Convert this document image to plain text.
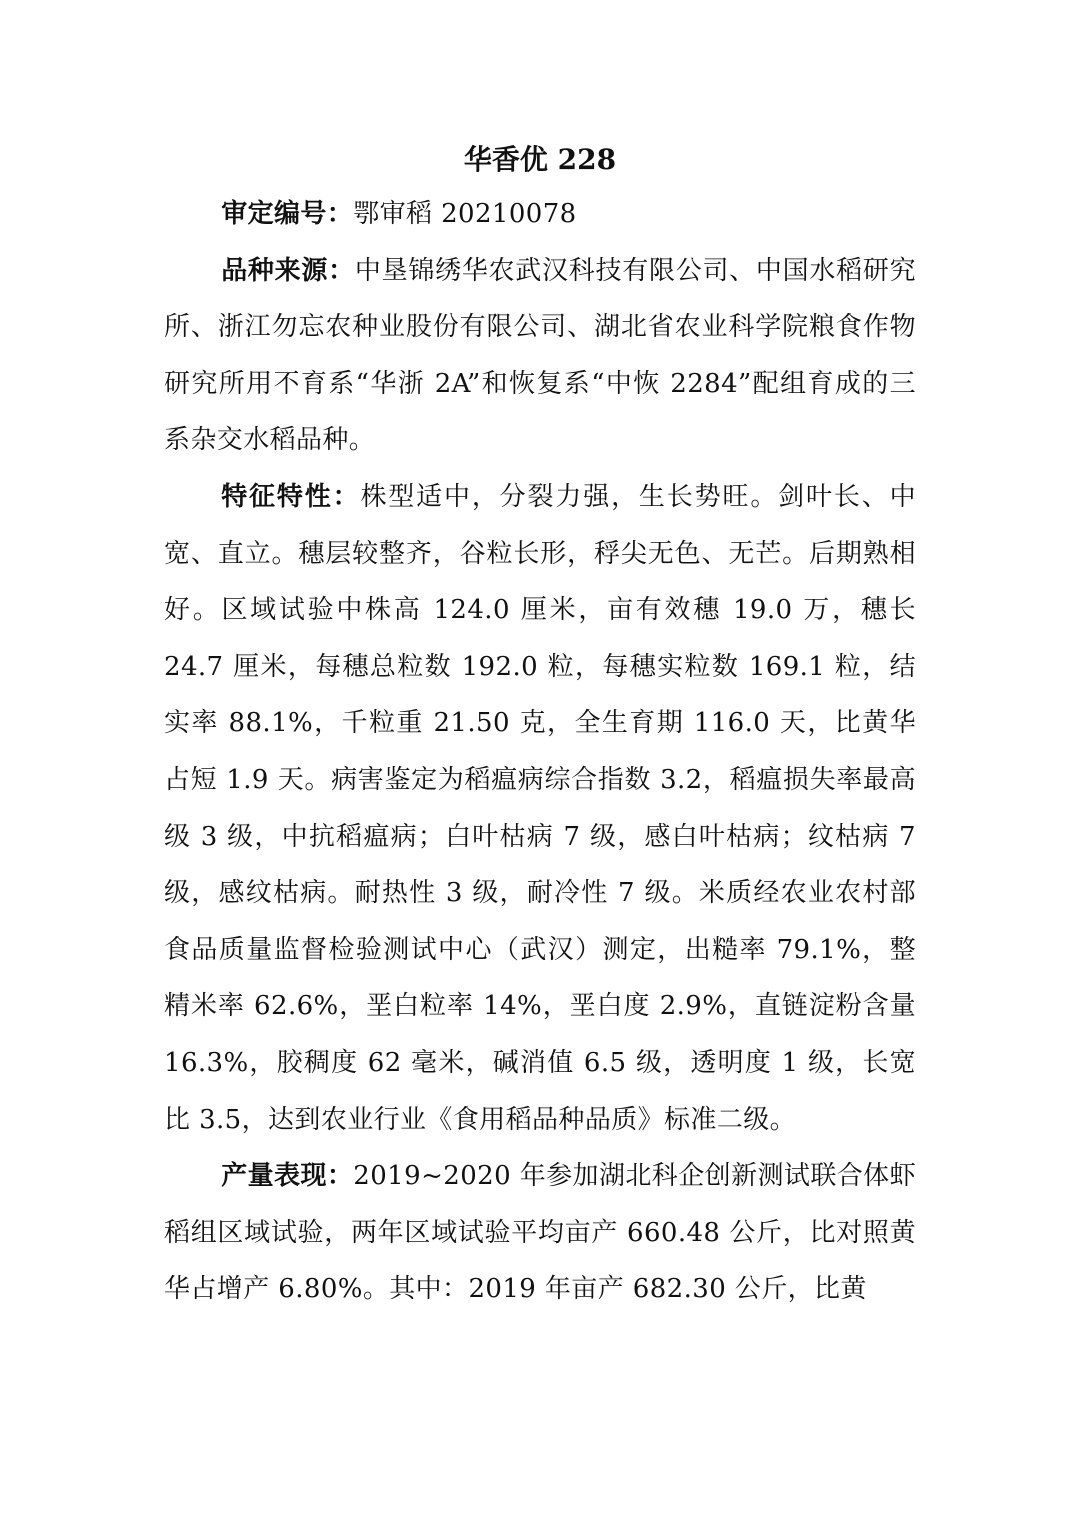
华香优 228

审定编号：鄂审稻 20210078

品种来源：中垦锦绣华农武汉科技有限公司、中国水稻研究所、浙江勿忘农种业股份有限公司、湖北省农业科学院粮食作物研究所用不育系“华浙 2A”和恢复系“中恢 2284”配组育成的三系杂交水稻品种。

特征特性：株型适中，分裂力强，生长势旺。剑叶长、中宽、直立。穗层较整齐，谷粒长形，稃尖无色、无芒。后期熟相好。区域试验中株高 124.0 厘米，亩有效穗 19.0 万，穗长 24.7 厘米，每穗总粒数 192.0 粒，每穗实粒数 169.1 粒，结实率 88.1%，千粒重 21.50 克，全生育期 116.0 天，比黄华占短 1.9 天。病害鉴定为稻瘟病综合指数 3.2，稻瘟损失率最高级 3 级，中抗稻瘟病；白叶枯病 7 级，感白叶枯病；纹枯病 7 级，感纹枯病。耐热性 3 级，耐冷性 7 级。米质经农业农村部食品质量监督检验测试中心（武汉）测定，出糙率 79.1%，整精米率 62.6%，垩白粒率 14%，垩白度 2.9%，直链淀粉含量 16.3%，胶稠度 62 毫米，碱消值 6.5 级，透明度 1 级，长宽比 3.5，达到农业行业《食用稻品种品质》标准二级。

产量表现：2019~2020 年参加湖北科企创新测试联合体虾稻组区域试验，两年区域试验平均亩产 660.48 公斤，比对照黄华占增产 6.80%。其中：2019 年亩产 682.30 公斤，比黄
